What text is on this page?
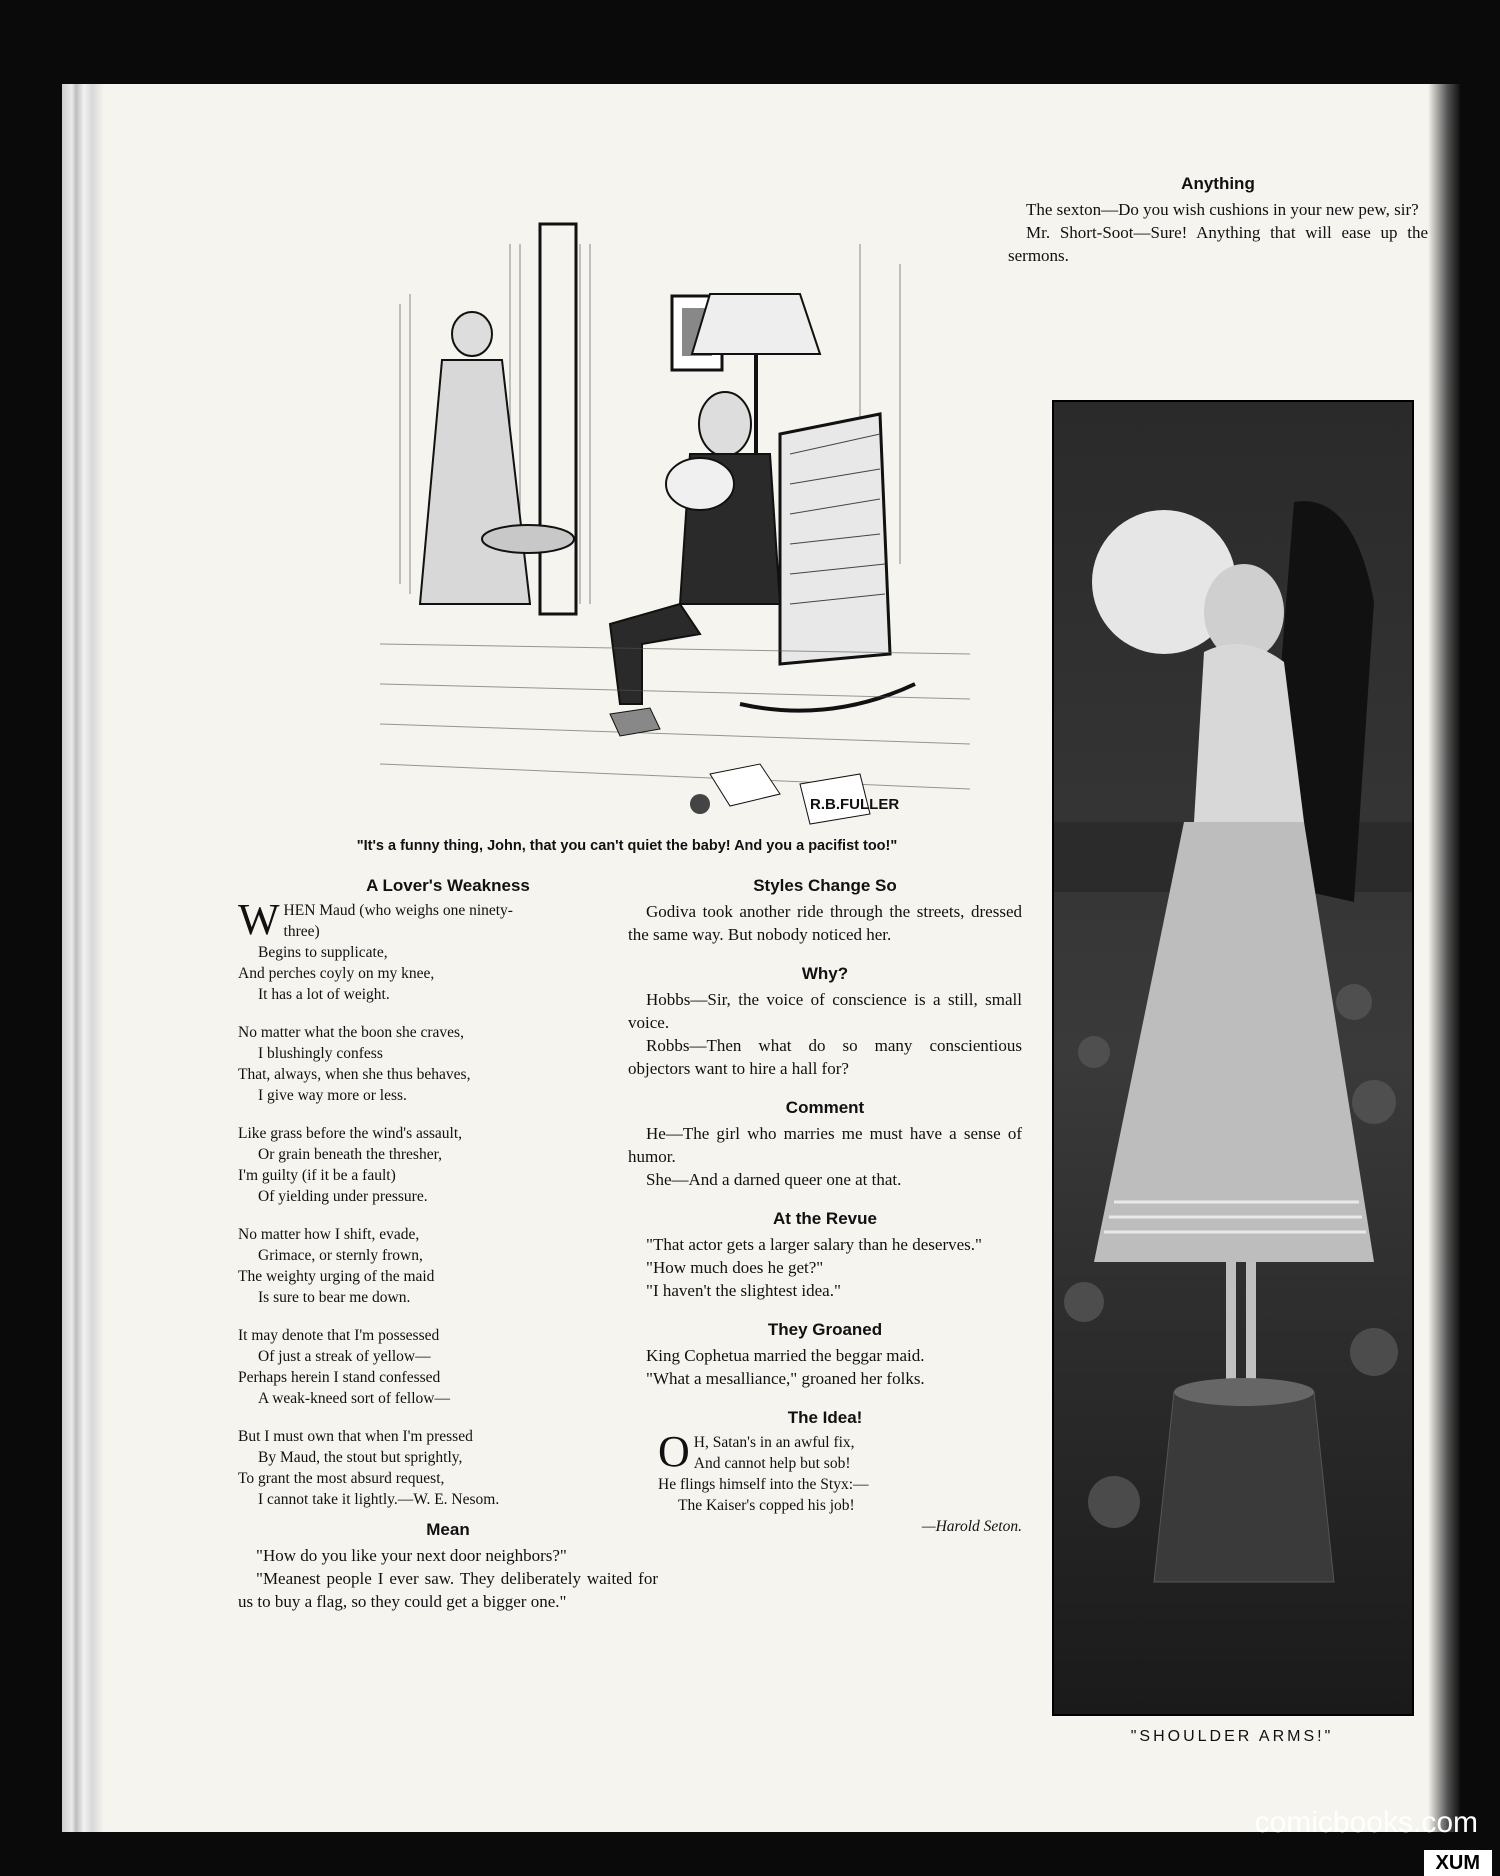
R.B.FULLER
"It's a funny thing, John, that you can't quiet the baby! And you a pacifist too!"
Anything

The sexton—Do you wish cushions in your new pew, sir?

Mr. Short-Soot—Sure! Anything that will ease up the sermons.

"SHOULDER ARMS!"
A Lover's Weakness
W HEN Maud (who weighs one ninety-
three)
Begins to supplicate,
And perches coyly on my knee,
It has a lot of weight.
No matter what the boon she craves,
I blushingly confess
That, always, when she thus behaves,
I give way more or less.
Like grass before the wind's assault,
Or grain beneath the thresher,
I'm guilty (if it be a fault)
Of yielding under pressure.
No matter how I shift, evade,
Grimace, or sternly frown,
The weighty urging of the maid
Is sure to bear me down.
It may denote that I'm possessed
Of just a streak of yellow—
Perhaps herein I stand confessed
A weak-kneed sort of fellow—
But I must own that when I'm pressed
By Maud, the stout but sprightly,
To grant the most absurd request,
I cannot take it lightly.—W. E. Nesom.
Mean

"How do you like your next door neighbors?"

"Meanest people I ever saw. They deliberately waited for us to buy a flag, so they could get a bigger one."

Styles Change So

Godiva took another ride through the streets, dressed the same way. But nobody noticed her.

Why?

Hobbs—Sir, the voice of conscience is a still, small voice.

Robbs—Then what do so many conscientious objectors want to hire a hall for?

Comment

He—The girl who marries me must have a sense of humor.

She—And a darned queer one at that.

At the Revue

"That actor gets a larger salary than he deserves."

"How much does he get?"

"I haven't the slightest idea."

They Groaned

King Cophetua married the beggar maid.

"What a mesalliance," groaned her folks.

The Idea!
O H, Satan's in an awful fix,
And cannot help but sob!
He flings himself into the Styx:—
The Kaiser's copped his job!
—Harold Seton.
comicbooks.com
XUM
